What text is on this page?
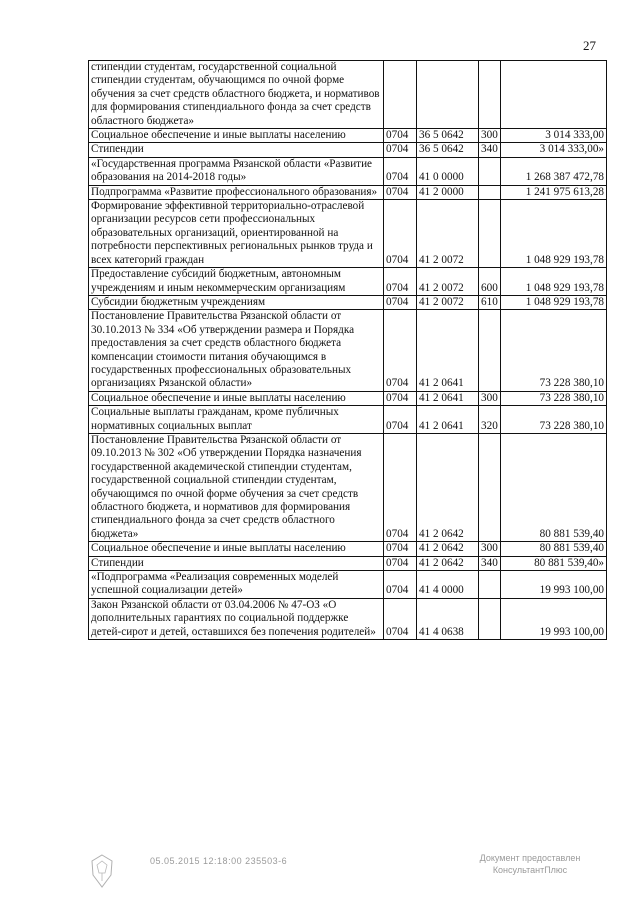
27
стипендии студентам, государственной социальной стипендии студентам, обучающимся по очной форме обучения за счет средств областного бюджета, и нормативов для формирования стипендиального фонда за счет средств областного бюджета»				
Социальное обеспечение и иные выплаты населению	0704	36 5 0642	300	3 014 333,00
Стипендии	0704	36 5 0642	340	3 014 333,00»
«Государственная программа Рязанской области «Развитие образования на 2014-2018 годы»	0704	41 0 0000		1 268 387 472,78
Подпрограмма «Развитие профессионального образования»	0704	41 2 0000		1 241 975 613,28
Формирование эффективной территориально-отраслевой организации ресурсов сети профессиональных образовательных организаций, ориентированной на потребности перспективных региональных рынков труда и всех категорий граждан	0704	41 2 0072		1 048 929 193,78
Предоставление субсидий бюджетным, автономным учреждениям и иным некоммерческим организациям	0704	41 2 0072	600	1 048 929 193,78
Субсидии бюджетным учреждениям	0704	41 2 0072	610	1 048 929 193,78
Постановление Правительства Рязанской области от 30.10.2013 № 334 «Об утверждении размера и Порядка предоставления за счет средств областного бюджета компенсации стоимости питания обучающимся в государственных профессиональных образовательных организациях Рязанской области»	0704	41 2 0641		73 228 380,10
Социальное обеспечение и иные выплаты населению	0704	41 2 0641	300	73 228 380,10
Социальные выплаты гражданам, кроме публичных нормативных социальных выплат	0704	41 2 0641	320	73 228 380,10
Постановление Правительства Рязанской области от 09.10.2013 № 302 «Об утверждении Порядка назначения государственной академической стипендии студентам, государственной социальной стипендии студентам, обучающимся по очной форме обучения за счет средств областного бюджета, и нормативов для формирования стипендиального фонда за счет средств областного бюджета»	0704	41 2 0642		80 881 539,40
Социальное обеспечение и иные выплаты населению	0704	41 2 0642	300	80 881 539,40
Стипендии	0704	41 2 0642	340	80 881 539,40»
«Подпрограмма «Реализация современных моделей успешной социализации детей»	0704	41 4 0000		19 993 100,00
Закон Рязанской области от 03.04.2006 № 47-ОЗ «О дополнительных гарантиях по социальной поддержке детей-сирот и детей, оставшихся без попечения родителей»	0704	41 4 0638		19 993 100,00
05.05.2015 12:18:00 235503-6	Документ предоставлен КонсультантПлюс
